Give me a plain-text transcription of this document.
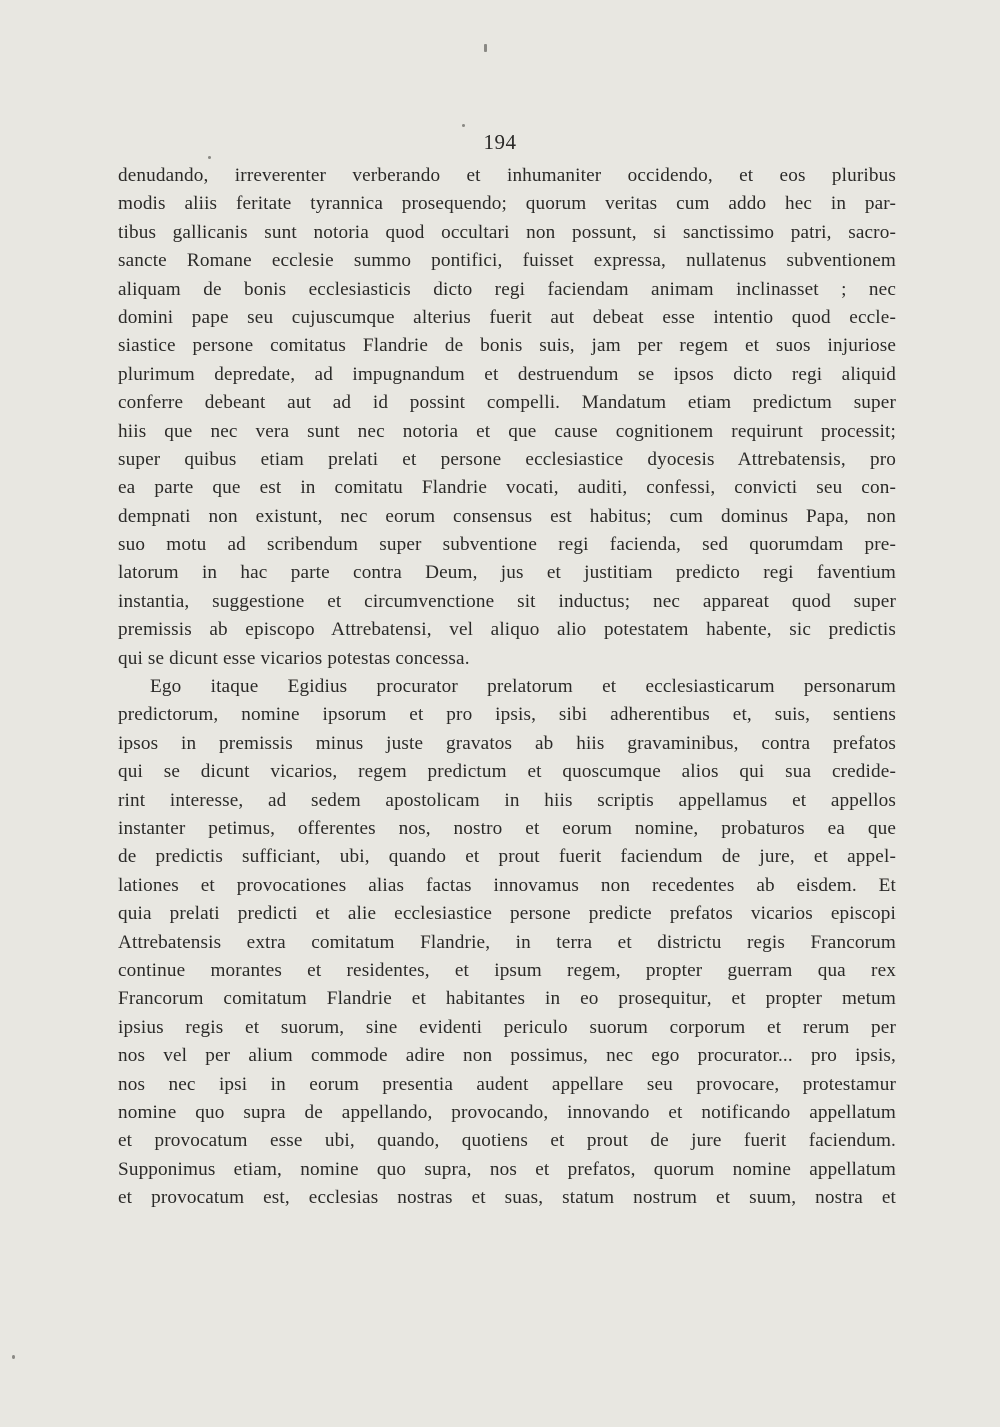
194
denudando, irreverenter verberando et inhumaniter occidendo, et eos pluribus
modis aliis feritate tyrannica prosequendo; quorum veritas cum addo hec in par-
tibus gallicanis sunt notoria quod occultari non possunt, si sanctissimo patri, sacro-
sancte Romane ecclesie summo pontifici, fuisset expressa, nullatenus subventionem
aliquam de bonis ecclesiasticis dicto regi faciendam animam inclinasset ; nec
domini pape seu cujuscumque alterius fuerit aut debeat esse intentio quod eccle-
siastice persone comitatus Flandrie de bonis suis, jam per regem et suos injuriose
plurimum depredate, ad impugnandum et destruendum se ipsos dicto regi aliquid
conferre debeant aut ad id possint compelli. Mandatum etiam predictum super
hiis que nec vera sunt nec notoria et que cause cognitionem requirunt processit;
super quibus etiam prelati et persone ecclesiastice dyocesis Attrebatensis, pro
ea parte que est in comitatu Flandrie vocati, auditi, confessi, convicti seu con-
dempnati non existunt, nec eorum consensus est habitus; cum dominus Papa, non
suo motu ad scribendum super subventione regi facienda, sed quorumdam pre-
latorum in hac parte contra Deum, jus et justitiam predicto regi faventium
instantia, suggestione et circumvenctione sit inductus; nec appareat quod super
premissis ab episcopo Attrebatensi, vel aliquo alio potestatem habente, sic predictis
qui se dicunt esse vicarios potestas concessa.
Ego itaque Egidius procurator prelatorum et ecclesiasticarum personarum
predictorum, nomine ipsorum et pro ipsis, sibi adherentibus et, suis, sentiens
ipsos in premissis minus juste gravatos ab hiis gravaminibus, contra prefatos
qui se dicunt vicarios, regem predictum et quoscumque alios qui sua credide-
rint interesse, ad sedem apostolicam in hiis scriptis appellamus et appellos
instanter petimus, offerentes nos, nostro et eorum nomine, probaturos ea que
de predictis sufficiant, ubi, quando et prout fuerit faciendum de jure, et appel-
lationes et provocationes alias factas innovamus non recedentes ab eisdem. Et
quia prelati predicti et alie ecclesiastice persone predicte prefatos vicarios episcopi
Attrebatensis extra comitatum Flandrie, in terra et districtu regis Francorum
continue morantes et residentes, et ipsum regem, propter guerram qua rex
Francorum comitatum Flandrie et habitantes in eo prosequitur, et propter metum
ipsius regis et suorum, sine evidenti periculo suorum corporum et rerum per
nos vel per alium commode adire non possimus, nec ego procurator... pro ipsis,
nos nec ipsi in eorum presentia audent appellare seu provocare, protestamur
nomine quo supra de appellando, provocando, innovando et notificando appellatum
et provocatum esse ubi, quando, quotiens et prout de jure fuerit faciendum.
Supponimus etiam, nomine quo supra, nos et prefatos, quorum nomine appellatum
et provocatum est, ecclesias nostras et suas, statum nostrum et suum, nostra et
